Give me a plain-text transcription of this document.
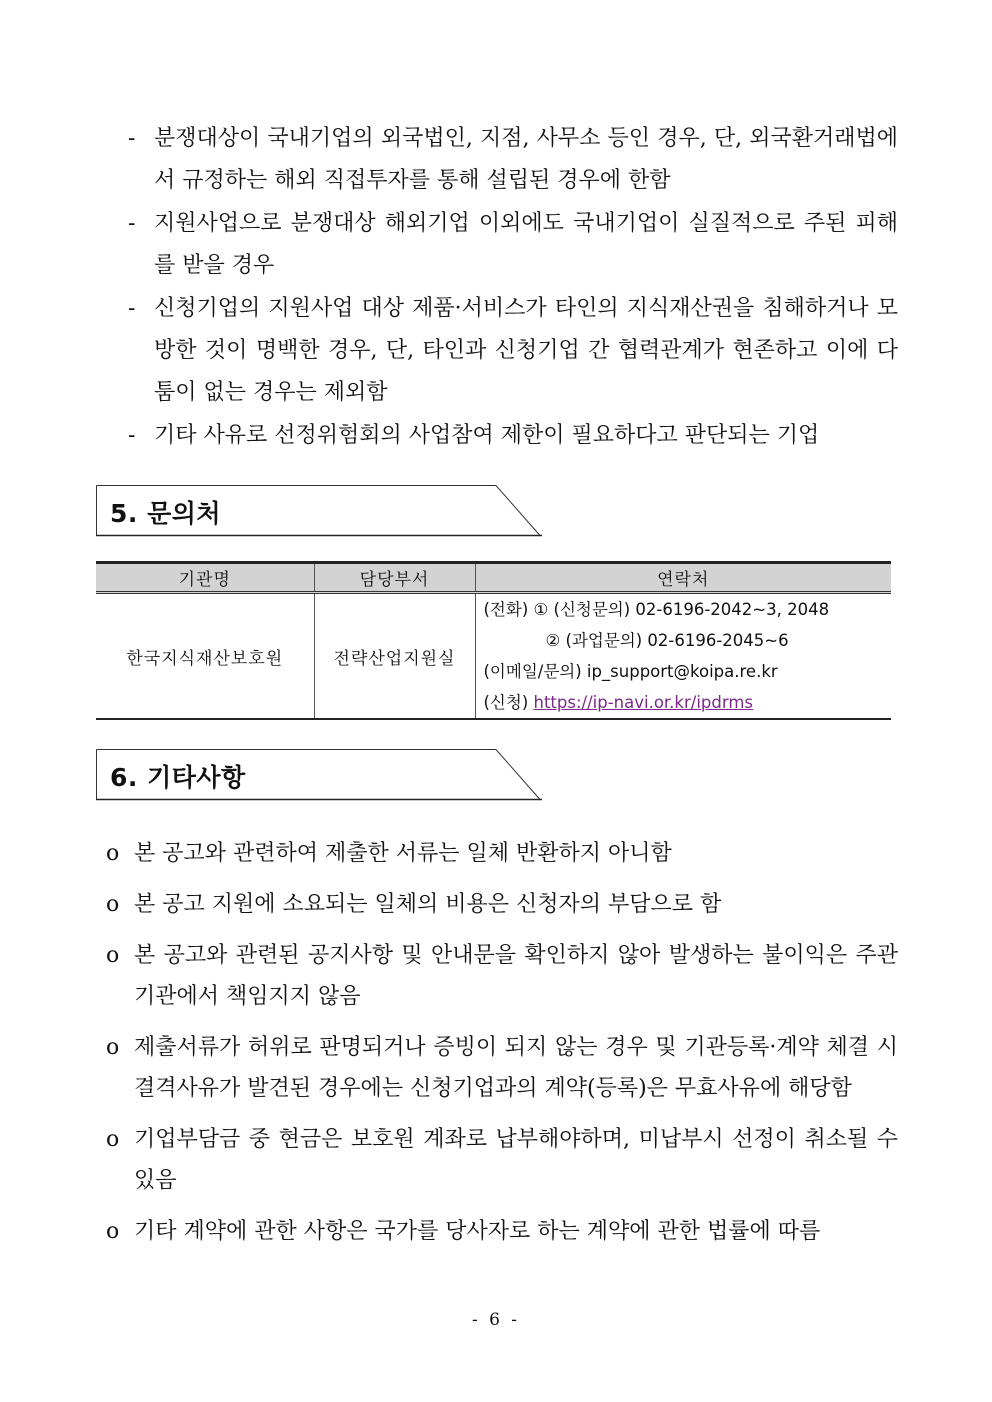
- 분쟁대상이 국내기업의 외국법인, 지점, 사무소 등인 경우, 단, 외국환거래법에서 규정하는 해외 직접투자를 통해 설립된 경우에 한함
- 지원사업으로 분쟁대상 해외기업 이외에도 국내기업이 실질적으로 주된 피해를 받을 경우
- 신청기업의 지원사업 대상 제품·서비스가 타인의 지식재산권을 침해하거나 모방한 것이 명백한 경우, 단, 타인과 신청기업 간 협력관계가 현존하고 이에 다툼이 없는 경우는 제외함
- 기타 사유로 선정위험회의 사업참여 제한이 필요하다고 판단되는 기업
5. 문의처
기관명	담당부서	연락처
한국지식재산보호원	전략산업지원실	(전화) ① (신청문의) 02-6196-2042~3, 2048
② (과업문의) 02-6196-2045~6
(이메일/문의) ip_support@koipa.re.kr
(신청) https://ip-navi.or.kr/ipdrms
6. 기타사항
o 본 공고와 관련하여 제출한 서류는 일체 반환하지 아니함
o 본 공고 지원에 소요되는 일체의 비용은 신청자의 부담으로 함
o 본 공고와 관련된 공지사항 및 안내문을 확인하지 않아 발생하는 불이익은 주관기관에서 책임지지 않음
o 제출서류가 허위로 판명되거나 증빙이 되지 않는 경우 및 기관등록·계약 체결 시 결격사유가 발견된 경우에는 신청기업과의 계약(등록)은 무효사유에 해당함
o 기업부담금 중 현금은 보호원 계좌로 납부해야하며, 미납부시 선정이 취소될 수 있음
o 기타 계약에 관한 사항은 국가를 당사자로 하는 계약에 관한 법률에 따름
- 6 -
